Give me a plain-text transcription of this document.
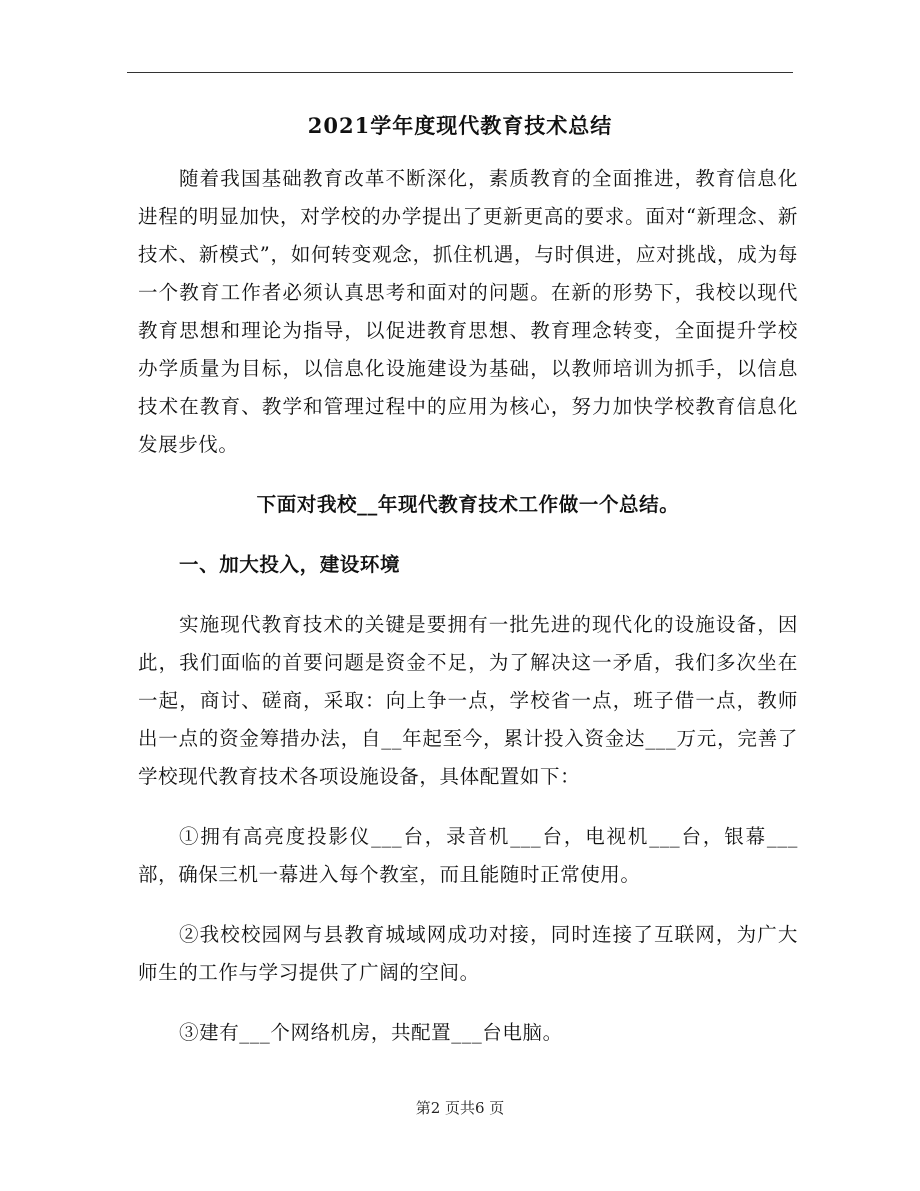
2021学年度现代教育技术总结

随着我国基础教育改革不断深化，素质教育的全面推进，教育信息化进程的明显加快，对学校的办学提出了更新更高的要求。面对“新理念、新技术、新模式”，如何转变观念，抓住机遇，与时俱进，应对挑战，成为每一个教育工作者必须认真思考和面对的问题。在新的形势下，我校以现代教育思想和理论为指导，以促进教育思想、教育理念转变，全面提升学校办学质量为目标，以信息化设施建设为基础，以教师培训为抓手，以信息技术在教育、教学和管理过程中的应用为核心，努力加快学校教育信息化发展步伐。

下面对我校__年现代教育技术工作做一个总结。

一、加大投入，建设环境

实施现代教育技术的关键是要拥有一批先进的现代化的设施设备，因此，我们面临的首要问题是资金不足，为了解决这一矛盾，我们多次坐在一起，商讨、磋商，采取：向上争一点，学校省一点，班子借一点，教师出一点的资金筹措办法，自__年起至今，累计投入资金达___万元，完善了学校现代教育技术各项设施设备，具体配置如下：

①拥有高亮度投影仪___台，录音机___台，电视机___台，银幕___部，确保三机一幕进入每个教室，而且能随时正常使用。

②我校校园网与县教育城域网成功对接，同时连接了互联网，为广大师生的工作与学习提供了广阔的空间。

③建有___个网络机房，共配置___台电脑。

第2 页共6 页
